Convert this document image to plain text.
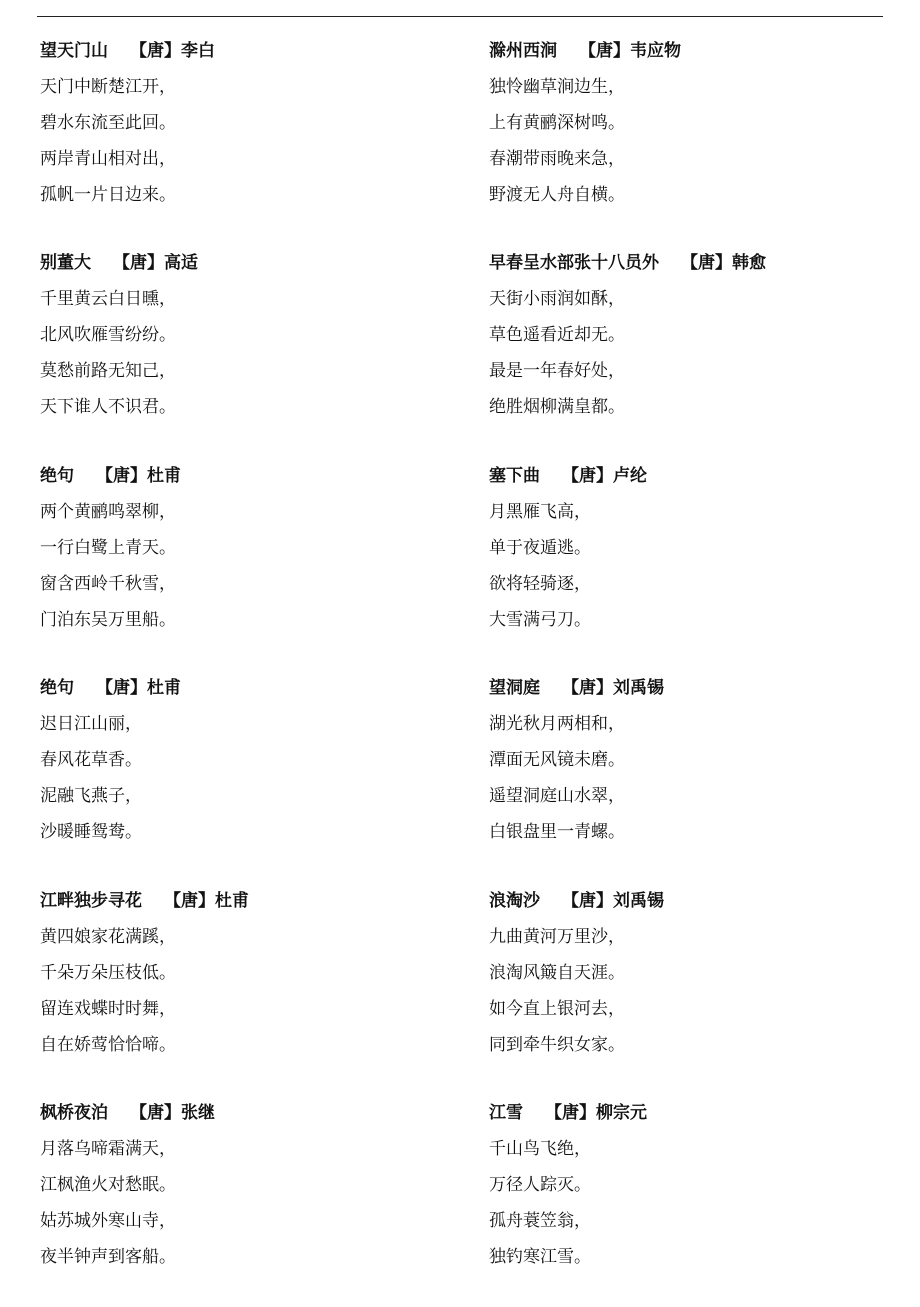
望天门山 【唐】李白
天门中断楚江开，
碧水东流至此回。
两岸青山相对出，
孤帆一片日边来。
别董大 【唐】高适
千里黄云白日曛，
北风吹雁雪纷纷。
莫愁前路无知己，
天下谁人不识君。
绝句 【唐】杜甫
两个黄鹂鸣翠柳，
一行白鹭上青天。
窗含西岭千秋雪，
门泊东吴万里船。
绝句 【唐】杜甫
迟日江山丽，
春风花草香。
泥融飞燕子，
沙暖睡鸳鸯。
江畔独步寻花 【唐】杜甫
黄四娘家花满蹊，
千朵万朵压枝低。
留连戏蝶时时舞，
自在娇莺恰恰啼。
枫桥夜泊 【唐】张继
月落乌啼霜满天，
江枫渔火对愁眠。
姑苏城外寒山寺，
夜半钟声到客船。
滁州西涧 【唐】韦应物
独怜幽草涧边生，
上有黄鹂深树鸣。
春潮带雨晚来急，
野渡无人舟自横。
早春呈水部张十八员外 【唐】韩愈
天街小雨润如酥，
草色遥看近却无。
最是一年春好处，
绝胜烟柳满皇都。
塞下曲 【唐】卢纶
月黑雁飞高，
单于夜遁逃。
欲将轻骑逐，
大雪满弓刀。
望洞庭 【唐】刘禹锡
湖光秋月两相和，
潭面无风镜未磨。
遥望洞庭山水翠，
白银盘里一青螺。
浪淘沙 【唐】刘禹锡
九曲黄河万里沙，
浪淘风簸自天涯。
如今直上银河去，
同到牵牛织女家。
江雪 【唐】柳宗元
千山鸟飞绝，
万径人踪灭。
孤舟蓑笠翁，
独钓寒江雪。
